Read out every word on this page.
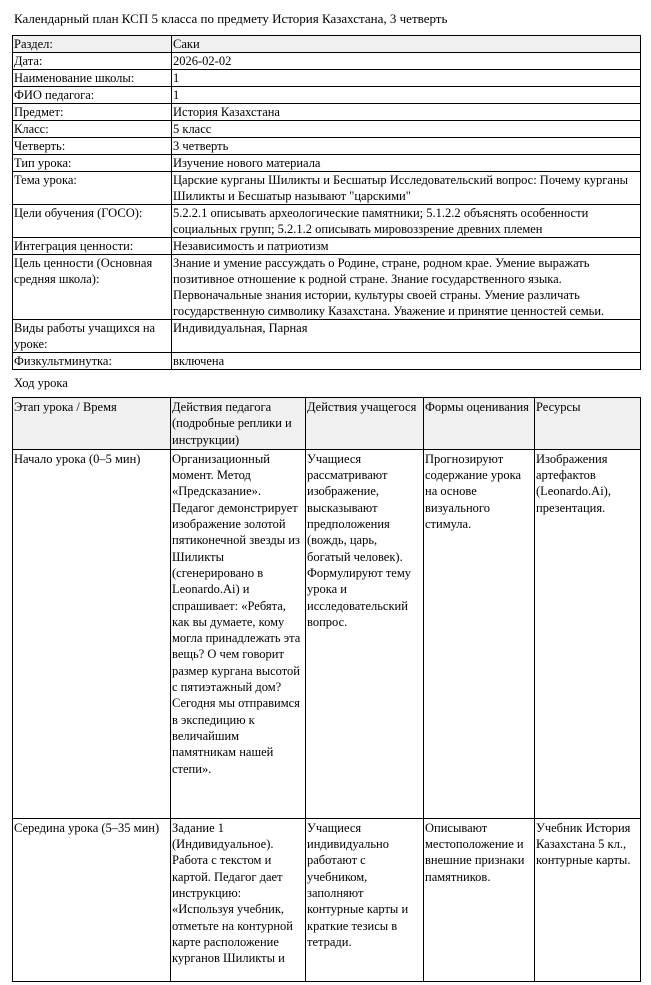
Календарный план КСП 5 класса по предмету История Казахстана, 3 четверть
Раздел:	Саки
Дата:	2026-02-02
Наименование школы:	1
ФИО педагога:	1
Предмет:	История Казахстана
Класс:	5 класс
Четверть:	3 четверть
Тип урока:	Изучение нового материала
Тема урока:	Царские курганы Шиликты и Бесшатыр Исследовательский вопрос: Почему курганы Шиликты и Бесшатыр называют "царскими"
Цели обучения (ГОСО):	5.2.2.1 описывать археологические памятники; 5.1.2.2 объяснять особенности социальных групп; 5.2.1.2 описывать мировоззрение древних племен
Интеграция ценности:	Независимость и патриотизм
Цель ценности (Основная средняя школа):	Знание и умение рассуждать о Родине, стране, родном крае. Умение выражать позитивное отношение к родной стране. Знание государственного языка. Первоначальные знания истории, культуры своей страны. Умение различать государственную символику Казахстана. Уважение и принятие ценностей семьи.
Виды работы учащихся на уроке:	Индивидуальная, Парная
Физкультминутка:	включена
Ход урока
Этап урока / Время	Действия педагога (подробные реплики и инструкции)	Действия учащегося	Формы оценивания	Ресурсы
Начало урока (0–5 мин)	Организационный момент. Метод «Предсказание». Педагог демонстрирует изображение золотой пятиконечной звезды из Шиликты (сгенерировано в Leonardo.Ai) и спрашивает: «Ребята, как вы думаете, кому могла принадлежать эта вещь? О чем говорит размер кургана высотой с пятиэтажный дом? Сегодня мы отправимся в экспедицию к величайшим памятникам нашей степи».	Учащиеся рассматривают изображение, высказывают предположения (вождь, царь, богатый человек). Формулируют тему урока и исследовательский вопрос.	Прогнозируют содержание урока на основе визуального стимула.	Изображения артефактов (Leonardo.Ai), презентация.
Середина урока (5–35 мин)	Задание 1 (Индивидуальное). Работа с текстом и картой. Педагог дает инструкцию: «Используя учебник, отметьте на контурной карте расположение курганов Шиликты и	Учащиеся индивидуально работают с учебником, заполняют контурные карты и краткие тезисы в тетради.	Описывают местоположение и внешние признаки памятников.	Учебник История Казахстана 5 кл., контурные карты.
